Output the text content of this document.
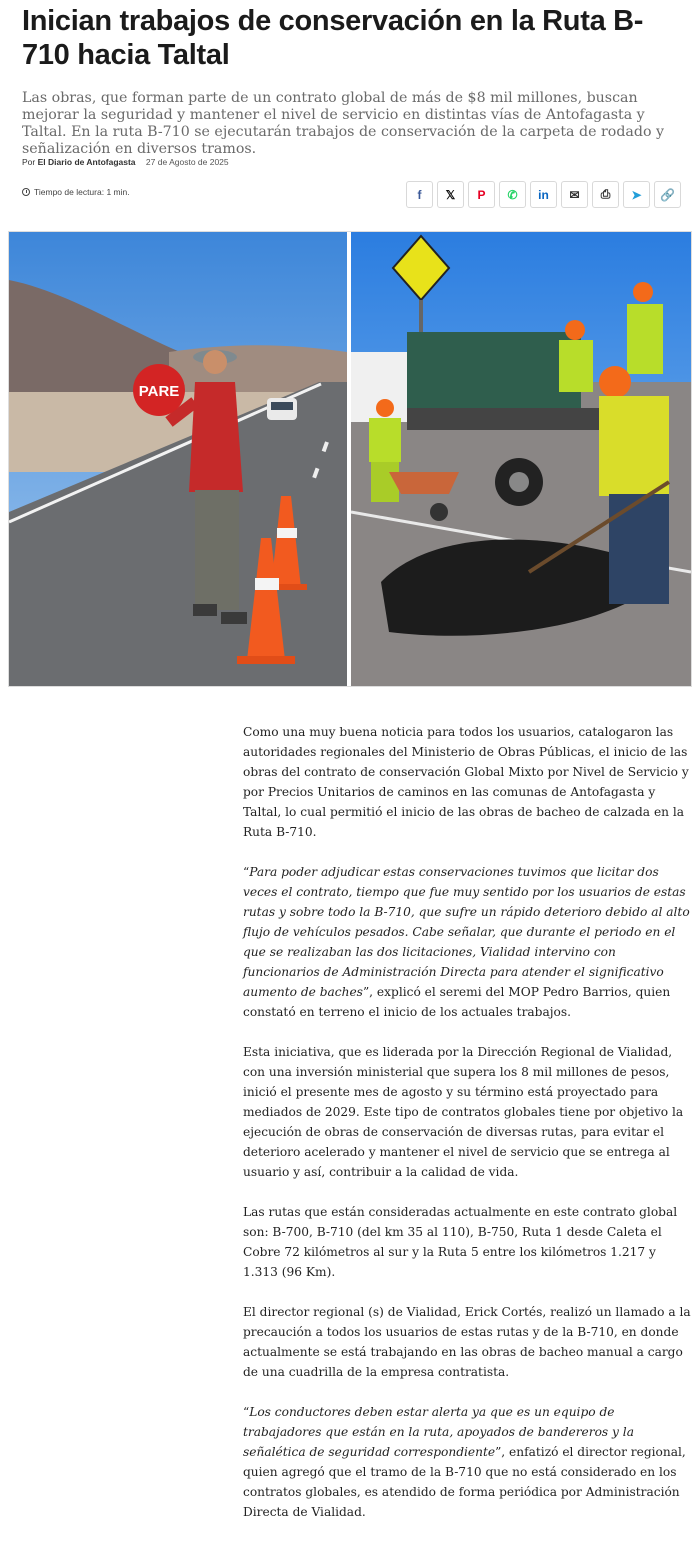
Inician trabajos de conservación en la Ruta B-710 hacia Taltal

Las obras, que forman parte de un contrato global de más de $8 mil millones, buscan mejorar la seguridad y mantener el nivel de servicio en distintas vías de Antofagasta y Taltal. En la ruta B-710 se ejecutarán trabajos de conservación de la carpeta de rodado y señalización en diversos tramos.

Por El Diario de Antofagasta 27 de Agosto de 2025
Tiempo de lectura: 1 min.	f 𝕏 P ✆ in ✉ ⎙ ➤ 🔗
PARE

Como una muy buena noticia para todos los usuarios, catalogaron las autoridades regionales del Ministerio de Obras Públicas, el inicio de las obras del contrato de conservación Global Mixto por Nivel de Servicio y por Precios Unitarios de caminos en las comunas de Antofagasta y Taltal, lo cual permitió el inicio de las obras de bacheo de calzada en la Ruta B-710.

“Para poder adjudicar estas conservaciones tuvimos que licitar dos veces el contrato, tiempo que fue muy sentido por los usuarios de estas rutas y sobre todo la B-710, que sufre un rápido deterioro debido al alto flujo de vehículos pesados. Cabe señalar, que durante el periodo en el que se realizaban las dos licitaciones, Vialidad intervino con funcionarios de Administración Directa para atender el significativo aumento de baches”, explicó el seremi del MOP Pedro Barrios, quien constató en terreno el inicio de los actuales trabajos.

Esta iniciativa, que es liderada por la Dirección Regional de Vialidad, con una inversión ministerial que supera los 8 mil millones de pesos, inició el presente mes de agosto y su término está proyectado para mediados de 2029. Este tipo de contratos globales tiene por objetivo la ejecución de obras de conservación de diversas rutas, para evitar el deterioro acelerado y mantener el nivel de servicio que se entrega al usuario y así, contribuir a la calidad de vida.

Las rutas que están consideradas actualmente en este contrato global son: B-700, B-710 (del km 35 al 110), B-750, Ruta 1 desde Caleta el Cobre 72 kilómetros al sur y la Ruta 5 entre los kilómetros 1.217 y 1.313 (96 Km).

El director regional (s) de Vialidad, Erick Cortés, realizó un llamado a la precaución a todos los usuarios de estas rutas y de la B-710, en donde actualmente se está trabajando en las obras de bacheo manual a cargo de una cuadrilla de la empresa contratista.

“Los conductores deben estar alerta ya que es un equipo de trabajadores que están en la ruta, apoyados de bandereros y la señalética de seguridad correspondiente”, enfatizó el director regional, quien agregó que el tramo de la B-710 que no está considerado en los contratos globales, es atendido de forma periódica por Administración Directa de Vialidad.
